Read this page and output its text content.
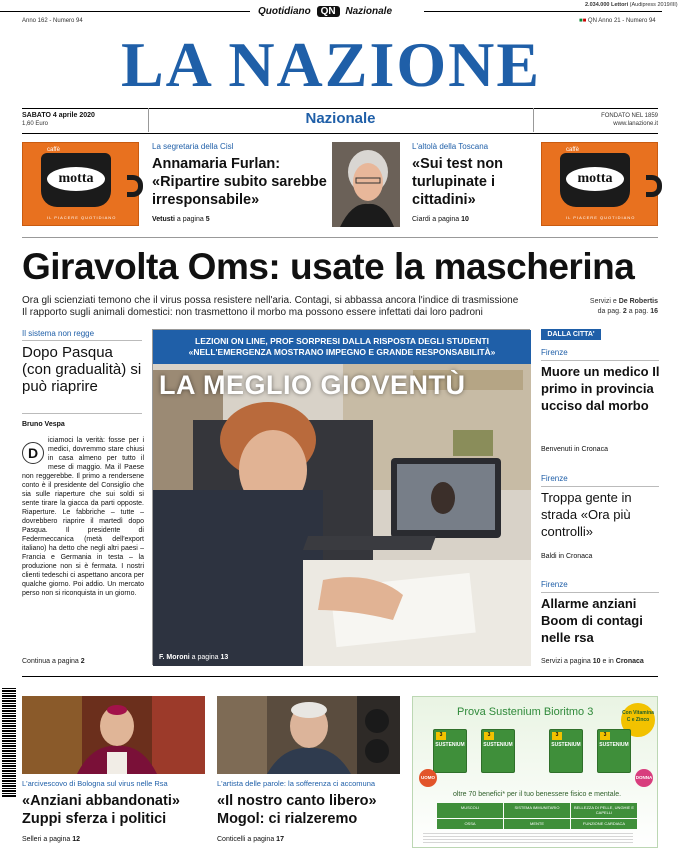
2.034.000 Lettori (Audipress 2019/III)
Quotidiano QN Nazionale
Anno 162 - Numero 94	■■ QN Anno 21 - Numero 94
LA NAZIONE
SABATO 4 aprile 2020
1,60 Euro	Nazionale	FONDATO NEL 1859
www.lanazione.it
motta
caffè
IL PIACERE QUOTIDIANO
La segretaria della Cisl
Annamaria Furlan: «Ripartire subito sarebbe irresponsabile»
Vetusti a pagina 5
L'altolà della Toscana
«Sui test non turlupinate i cittadini»
Ciardi a pagina 10
motta
caffè
IL PIACERE QUOTIDIANO
Giravolta Oms: usate la mascherina
Ora gli scienziati temono che il virus possa resistere nell'aria. Contagi, si abbassa ancora l'indice di trasmissione
Il rapporto sugli animali domestici: non trasmettono il morbo ma possono essere infettati dai loro padroni
Servizi e De Robertis
da pag. 2 a pag. 16
Il sistema non regge
Dopo Pasqua (con gradualità) si può riaprire
Bruno Vespa
D
iciamoci la verità: fosse per i medici, dovremmo stare chiusi in casa almeno per tutto il mese di maggio. Ma il Paese non reggerebbe. Il primo a rendersene conto è il presidente del Consiglio che sia sulle riaperture che sui soldi si sente tirare la giacca da parti opposte. Riaperture. Le fabbriche – tutte – dovrebbero riaprire il martedì dopo Pasqua. Il presidente di Federmeccanica (metà dell'export italiano) ha detto che negli altri paesi – Francia e Germania in testa – la produzione non si è fermata. I nostri clienti tedeschi ci aspettano ancora per qualche giorno. Poi addio. Un mercato perso non si riconquista in un giorno.
Continua a pagina 2
LEZIONI ON LINE, PROF SORPRESI DALLA RISPOSTA DEGLI STUDENTI
«NELL'EMERGENZA MOSTRANO IMPEGNO E GRANDE RESPONSABILITÀ»
LA MEGLIO GIOVENTÙ
F. Moroni a pagina 13
DALLA CITTA'
Firenze
Muore un medico Il primo in provincia ucciso dal morbo
Benvenuti in Cronaca
Firenze
Troppa gente in strada «Ora più controlli»
Baldi in Cronaca
Firenze
Allarme anziani Boom di contagi nelle rsa
Servizi a pagina 10 e in Cronaca
L'arcivescovo di Bologna sul virus nelle Rsa
«Anziani abbandonati»
Zuppi sferza i politici
Selleri a pagina 12
L'artista delle parole: la sofferenza ci accomuna
«Il nostro canto libero»
Mogol: ci rialzeremo
Conticelli a pagina 17
Prova Sustenium Bioritmo 3	Con Vitamina C e Zinco
3
SUSTENIUM
3
SUSTENIUM
3
SUSTENIUM
3
SUSTENIUM
UOMO	DONNA
oltre 70 benefici* per il tuo benessere fisico e mentale.
MUSCOLI	SISTEMA IMMUNITARIO	BELLEZZA DI PELLE, UNGHIE E CAPELLI
OSSA	MENTE	FUNZIONE CARDIACA
